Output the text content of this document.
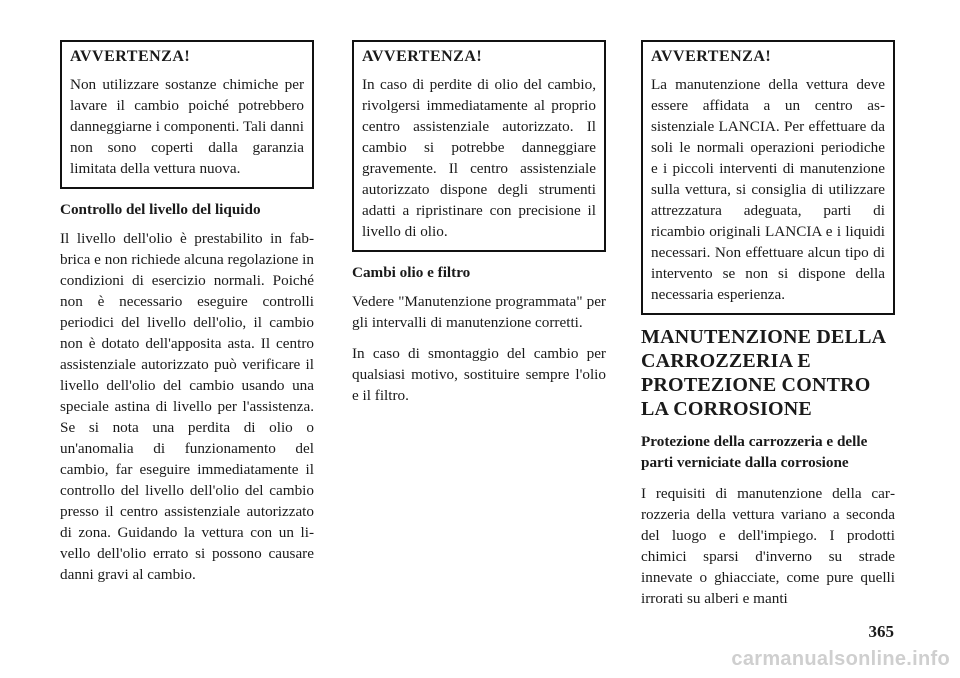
AVVERTENZA!

Non utilizzare sostanze chimiche per lavare il cambio poiché potrebbero danneggiarne i componenti. Tali danni non sono coperti dalla garanzia limitata della vettura nuova.

Controllo del livello del liquido

Il livello dell'olio è prestabilito in fabbrica e non richiede alcuna regolazione in condizioni di esercizio normali. Poiché non è necessario eseguire controlli periodici del livello dell'olio, il cambio non è dotato dell'apposita asta. Il centro assistenziale autorizzato può verificare il livello dell'olio del cambio usando una speciale astina di livello per l'assistenza. Se si nota una perdita di olio o un'anomalia di funzionamento del cambio, far eseguire immediatamente il controllo del livello dell'olio del cambio presso il centro assistenziale autorizzato di zona. Guidando la vettura con un livello dell'olio errato si possono causare danni gravi al cambio.

AVVERTENZA!

In caso di perdite di olio del cambio, rivolgersi immediatamente al proprio centro assistenziale autorizzato. Il cambio si potrebbe danneggiare gravemente. Il centro assistenziale autorizzato dispone degli strumenti adatti a ripristinare con precisione il livello di olio.

Cambi olio e filtro

Vedere "Manutenzione programmata" per gli intervalli di manutenzione corretti.

In caso di smontaggio del cambio per qualsiasi motivo, sostituire sempre l'olio e il filtro.

AVVERTENZA!

La manutenzione della vettura deve essere affidata a un centro assistenziale LANCIA. Per effettuare da soli le normali operazioni periodiche e i piccoli interventi di manutenzione sulla vettura, si consiglia di utilizzare attrezzatura adeguata, parti di ricambio originali LANCIA e i liquidi necessari. Non effettuare alcun tipo di intervento se non si dispone della necessaria esperienza.

MANUTENZIONE DELLA CARROZZERIA E PROTEZIONE CONTRO LA CORROSIONE
Protezione della carrozzeria e delle parti verniciate dalla corrosione

I requisiti di manutenzione della carrozzeria della vettura variano a seconda del luogo e dell'impiego. I prodotti chimici sparsi d'inverno su strade innevate o ghiacciate, come pure quelli irrorati su alberi e manti

365
carmanualsonline.info
